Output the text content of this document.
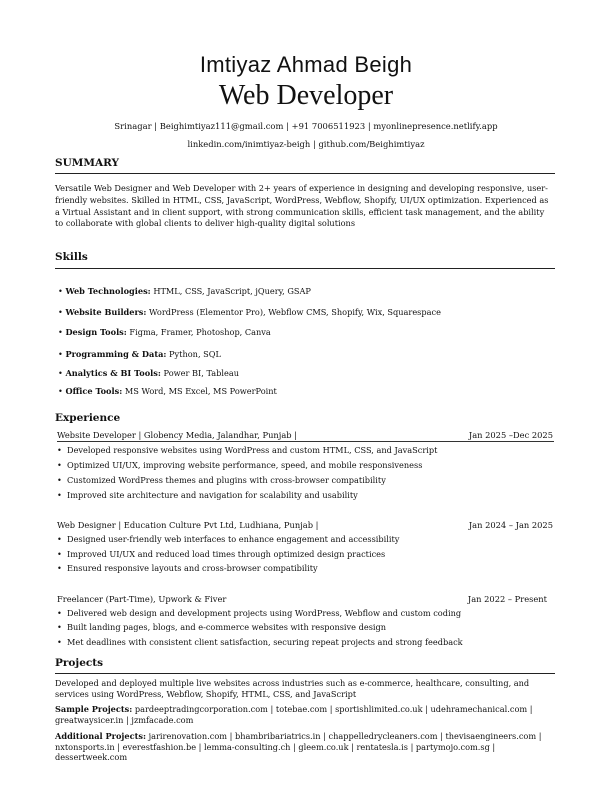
Imtiyaz Ahmad Beigh
Web Developer
Srinagar | Beighimtiyaz111@gmail.com | +91 7006511923 | myonlinepresence.netlify.app
linkedin.com/inimtiyaz-beigh | github.com/Beighimtiyaz
SUMMARY
Versatile Web Designer and Web Developer with 2+ years of experience in designing and developing responsive, user-
friendly websites. Skilled in HTML, CSS, JavaScript, WordPress, Webflow, Shopify, UI/UX optimization. Experienced as
a Virtual Assistant and in client support, with strong communication skills, efficient task management, and the ability
to collaborate with global clients to deliver high-quality digital solutions
Skills
• Web Technologies: HTML, CSS, JavaScript, jQuery, GSAP
• Website Builders: WordPress (Elementor Pro), Webflow CMS, Shopify, Wix, Squarespace
• Design Tools: Figma, Framer, Photoshop, Canva
• Programming & Data: Python, SQL
• Analytics & BI Tools: Power BI, Tableau
• Office Tools: MS Word, MS Excel, MS PowerPoint
Experience
Website Developer | Globency Media, Jalandhar, Punjab |	Jan 2025 –Dec 2025
• Developed responsive websites using WordPress and custom HTML, CSS, and JavaScript
• Optimized UI/UX, improving website performance, speed, and mobile responsiveness
• Customized WordPress themes and plugins with cross-browser compatibility
• Improved site architecture and navigation for scalability and usability
Web Designer | Education Culture Pvt Ltd, Ludhiana, Punjab |	Jan 2024 – Jan 2025
• Designed user-friendly web interfaces to enhance engagement and accessibility
• Improved UI/UX and reduced load times through optimized design practices
• Ensured responsive layouts and cross-browser compatibility
Freelancer (Part-Time), Upwork & Fiver	Jan 2022 – Present
• Delivered web design and development projects using WordPress, Webflow and custom coding
• Built landing pages, blogs, and e-commerce websites with responsive design
• Met deadlines with consistent client satisfaction, securing repeat projects and strong feedback
Projects
Developed and deployed multiple live websites across industries such as e-commerce, healthcare, consulting, and
services using WordPress, Webflow, Shopify, HTML, CSS, and JavaScript
Sample Projects: pardeeptradingcorporation.com | totebae.com | sportishlimited.co.uk | udehramechanical.com |
greatwaysicer.in | jzmfacade.com
Additional Projects: jarirenovation.com | bhambribariatrics.in | chappelledrycleaners.com | thevisaengineers.com |
nxtonsports.in | everestfashion.be | lemma-consulting.ch | gleem.co.uk | rentatesla.is | partymojo.com.sg |
dessertweek.com
